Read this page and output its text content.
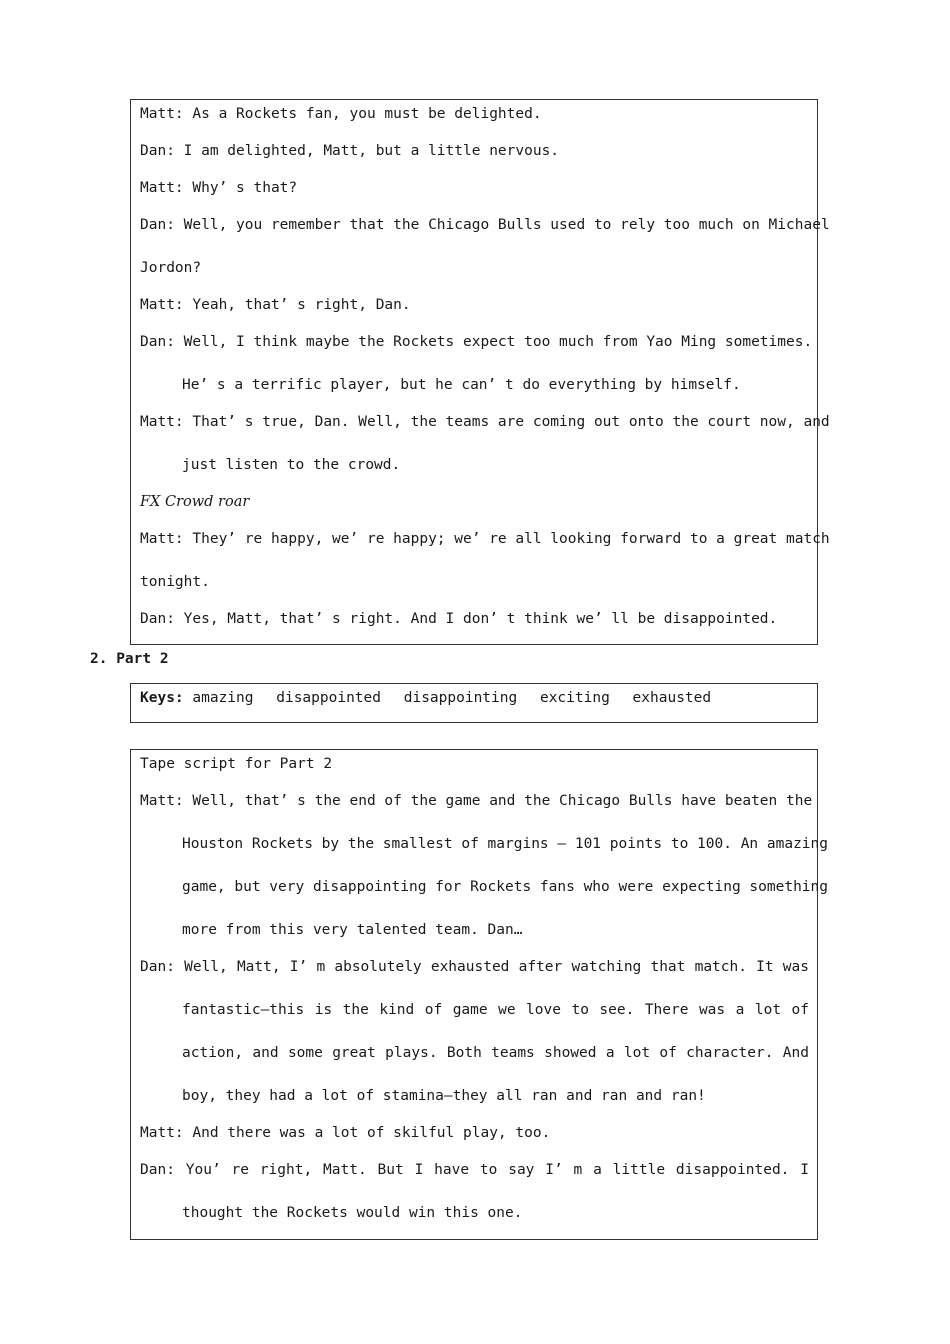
Matt: As a Rockets fan, you must be delighted.
Dan: I am delighted, Matt, but a little nervous.
Matt: Why’ s that?
Dan: Well, you remember that the Chicago Bulls used to rely too much on Michael
Jordon?
Matt: Yeah, that’ s right, Dan.
Dan: Well, I think maybe the Rockets expect too much from Yao Ming sometimes.
He’ s a terrific player, but he can’ t do everything by himself.
Matt: That’ s true, Dan. Well, the teams are coming out onto the court now, and
just listen to the crowd.
FX Crowd roar
Matt: They’ re happy, we’ re happy; we’ re all looking forward to a great match
tonight.
Dan: Yes, Matt, that’ s right. And I don’ t think we’ ll be disappointed.
2. Part 2
Keys: amazing disappointed disappointing exciting exhausted
Tape script for Part 2
Matt: Well, that’ s the end of the game and the Chicago Bulls have beaten the
Houston Rockets by the smallest of margins – 101 points to 100. An amazing
game, but very disappointing for Rockets fans who were expecting something
more from this very talented team. Dan…
Dan: Well, Matt, I’ m absolutely exhausted after watching that match. It was
fantastic—this is the kind of game we love to see. There was a lot of
action, and some great plays. Both teams showed a lot of character. And
boy, they had a lot of stamina—they all ran and ran and ran!
Matt: And there was a lot of skilful play, too.
Dan: You’ re right, Matt. But I have to say I’ m a little disappointed. I
thought the Rockets would win this one.
